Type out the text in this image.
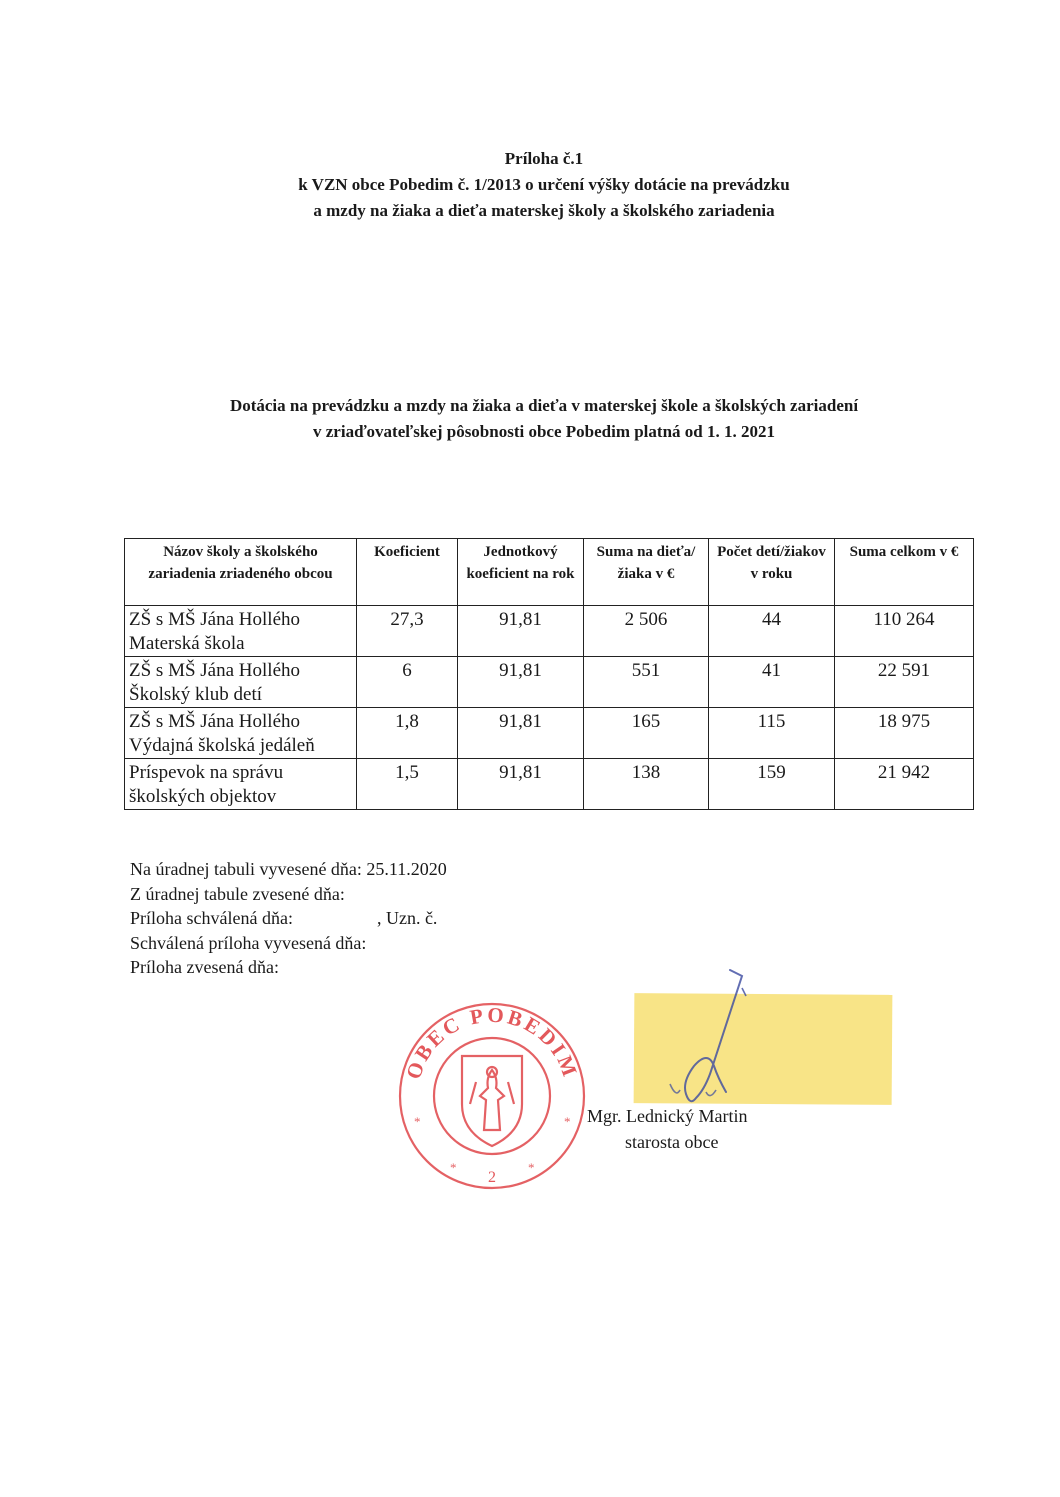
Príloha č.1
k VZN obce Pobedim č. 1/2013 o určení výšky dotácie na prevádzku
a mzdy na žiaka a dieťa materskej školy a školského zariadenia
Dotácia na prevádzku a mzdy na žiaka a dieťa v materskej škole a školských zariadení
v zriaďovateľskej pôsobnosti obce Pobedim platná od 1. 1. 2021
Názov školy a školského zariadenia zriadeného obcou	Koeficient	Jednotkový koeficient na rok	Suma na dieťa/žiaka v €	Počet detí/žiakov v roku	Suma celkom v €

ZŠ s MŠ Jána Hollého
Materská škola	27,3	91,81	2 506	44	110 264

ZŠ s MŠ Jána Hollého
Školský klub detí	6	91,81	551	41	22 591

ZŠ s MŠ Jána Hollého
Výdajná školská jedáleň	1,8	91,81	165	115	18 975

Príspevok na správu
školských objektov	1,5	91,81	138	159	21 942
Na úradnej tabuli vyvesené dňa: 25.11.2020
Z úradnej tabule zvesené dňa:
Príloha schválená dňa:	, Uzn. č.
Schválená príloha vyvesená dňa:
Príloha zvesená dňa:
OBEC POBEDIM
*	*
*	*
2
Mgr. Lednický Martin
starosta obce
